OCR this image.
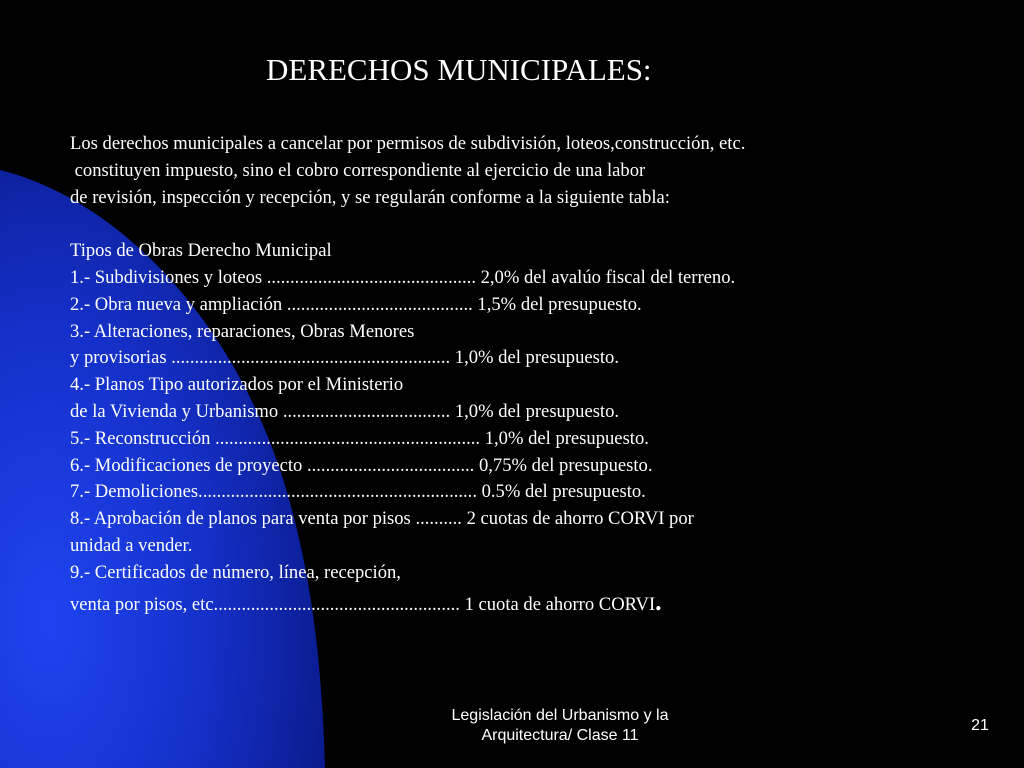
DERECHOS MUNICIPALES:
Los derechos municipales a cancelar por permisos de subdivisión, loteos,construcción, etc.
constituyen impuesto, sino el cobro correspondiente al ejercicio de una labor
de revisión, inspección y recepción, y se regularán conforme a la siguiente tabla:
Tipos de Obras Derecho Municipal
1.- Subdivisiones y loteos ............................................. 2,0% del avalúo fiscal del terreno.
2.- Obra nueva y ampliación ........................................ 1,5% del presupuesto.
3.- Alteraciones, reparaciones, Obras Menores
y provisorias ............................................................ 1,0% del presupuesto.
4.- Planos Tipo autorizados por el Ministerio
de la Vivienda y Urbanismo .................................... 1,0% del presupuesto.
5.- Reconstrucción ......................................................... 1,0% del presupuesto.
6.- Modificaciones de proyecto .................................... 0,75% del presupuesto.
7.- Demoliciones............................................................ 0.5% del presupuesto.
8.- Aprobación de planos para venta por pisos .......... 2 cuotas de ahorro CORVI por
unidad a vender.
9.- Certificados de número, línea, recepción,
venta por pisos, etc..................................................... 1 cuota de ahorro CORVI.
Legislación del Urbanismo y la
Arquitectura/ Clase 11
21
